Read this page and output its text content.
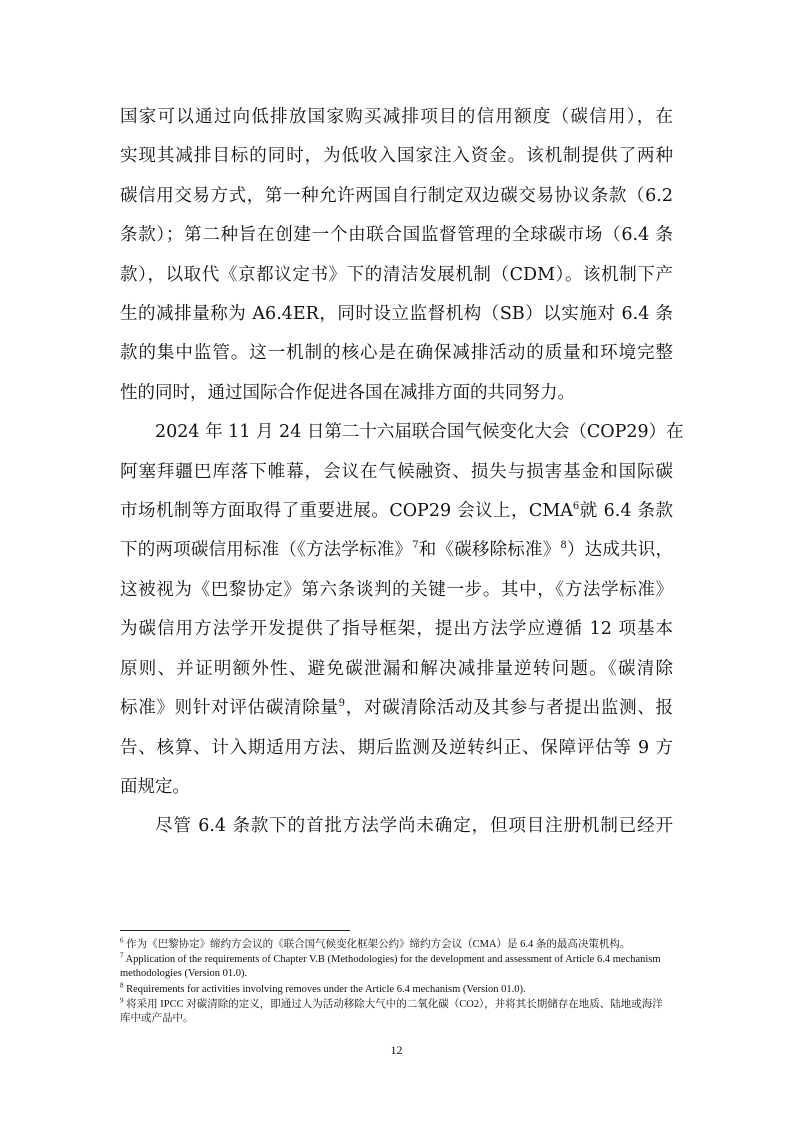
国家可以通过向低排放国家购买减排项目的信用额度（碳信用），在
实现其减排目标的同时，为低收入国家注入资金。该机制提供了两种
碳信用交易方式，第一种允许两国自行制定双边碳交易协议条款（6.2
条款）；第二种旨在创建一个由联合国监督管理的全球碳市场（6.4 条
款），以取代《京都议定书》下的清洁发展机制（CDM）。该机制下产
生的减排量称为 A6.4ER，同时设立监督机构（SB）以实施对 6.4 条
款的集中监管。这一机制的核心是在确保减排活动的质量和环境完整
性的同时，通过国际合作促进各国在减排方面的共同努力。

2024 年 11 月 24 日第二十六届联合国气候变化大会（COP29）在
阿塞拜疆巴库落下帷幕，会议在气候融资、损失与损害基金和国际碳
市场机制等方面取得了重要进展。COP29 会议上，CMA$^6$就 6.4 条款
下的两项碳信用标准（《方法学标准》$^7$和《碳移除标准》$^8$）达成共识，
这被视为《巴黎协定》第六条谈判的关键一步。其中，《方法学标准》
为碳信用方法学开发提供了指导框架，提出方法学应遵循 12 项基本
原则、并证明额外性、避免碳泄漏和解决减排量逆转问题。《碳清除
标准》则针对评估碳清除量$^9$，对碳清除活动及其参与者提出监测、报
告、核算、计入期适用方法、期后监测及逆转纠正、保障评估等 9 方
面规定。

尽管 6.4 条款下的首批方法学尚未确定，但项目注册机制已经开

$^6$ 作为《巴黎协定》缔约方会议的《联合国气候变化框架公约》缔约方会议（CMA）是 6.4 条的最高决策机构。

$^7$ Application of the requirements of Chapter V.B (Methodologies) for the development and assessment of Article 6.4 mechanism methodologies (Version 01.0).

$^8$ Requirements for activities involving removes under the Article 6.4 mechanism (Version 01.0).

$^9$ 将采用 IPCC 对碳清除的定义，即通过人为活动移除大气中的二氧化碳（CO2），并将其长期储存在地质、陆地或海洋库中或产品中。

12
